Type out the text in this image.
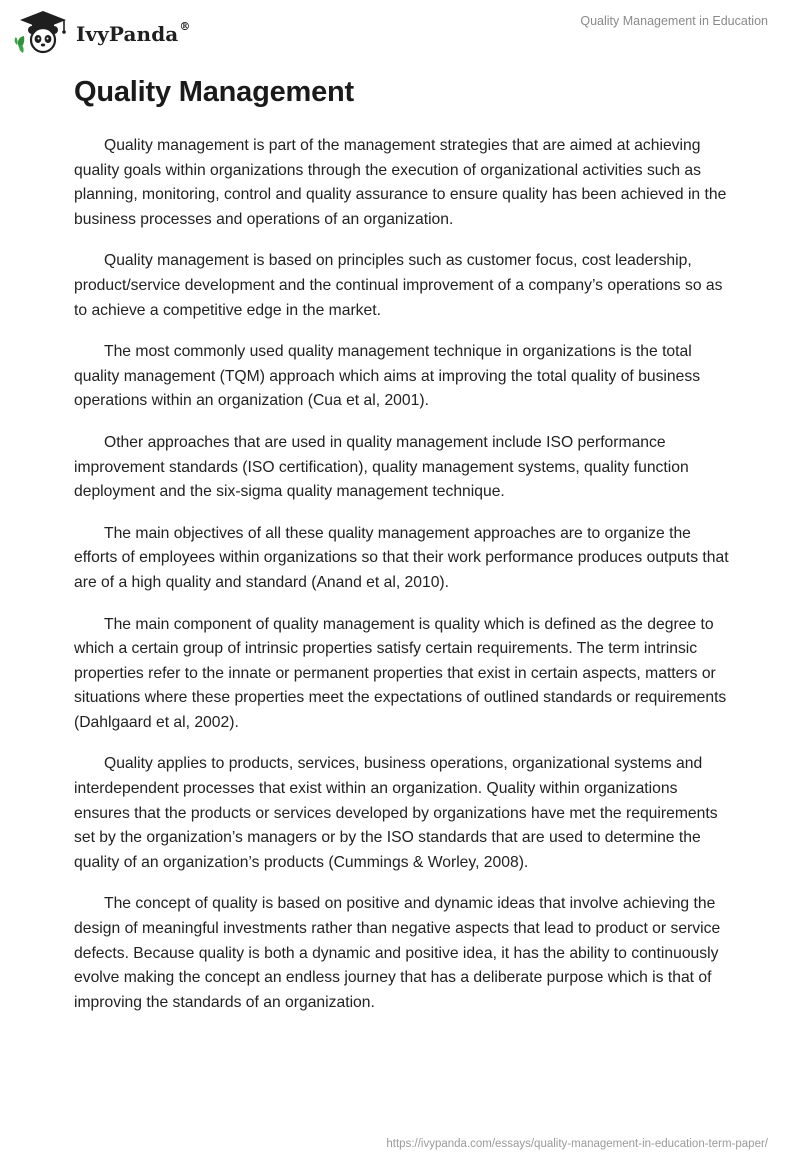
IvyPanda®	Quality Management in Education
Quality Management

Quality management is part of the management strategies that are aimed at achieving quality goals within organizations through the execution of organizational activities such as planning, monitoring, control and quality assurance to ensure quality has been achieved in the business processes and operations of an organization.

Quality management is based on principles such as customer focus, cost leadership, product/service development and the continual improvement of a company’s operations so as to achieve a competitive edge in the market.

The most commonly used quality management technique in organizations is the total quality management (TQM) approach which aims at improving the total quality of business operations within an organization (Cua et al, 2001).

Other approaches that are used in quality management include ISO performance improvement standards (ISO certification), quality management systems, quality function deployment and the six-sigma quality management technique.

The main objectives of all these quality management approaches are to organize the efforts of employees within organizations so that their work performance produces outputs that are of a high quality and standard (Anand et al, 2010).

The main component of quality management is quality which is defined as the degree to which a certain group of intrinsic properties satisfy certain requirements. The term intrinsic properties refer to the innate or permanent properties that exist in certain aspects, matters or situations where these properties meet the expectations of outlined standards or requirements (Dahlgaard et al, 2002).

Quality applies to products, services, business operations, organizational systems and interdependent processes that exist within an organization. Quality within organizations ensures that the products or services developed by organizations have met the requirements set by the organization’s managers or by the ISO standards that are used to determine the quality of an organization’s products (Cummings & Worley, 2008).

The concept of quality is based on positive and dynamic ideas that involve achieving the design of meaningful investments rather than negative aspects that lead to product or service defects. Because quality is both a dynamic and positive idea, it has the ability to continuously evolve making the concept an endless journey that has a deliberate purpose which is that of improving the standards of an organization.

https://ivypanda.com/essays/quality-management-in-education-term-paper/
